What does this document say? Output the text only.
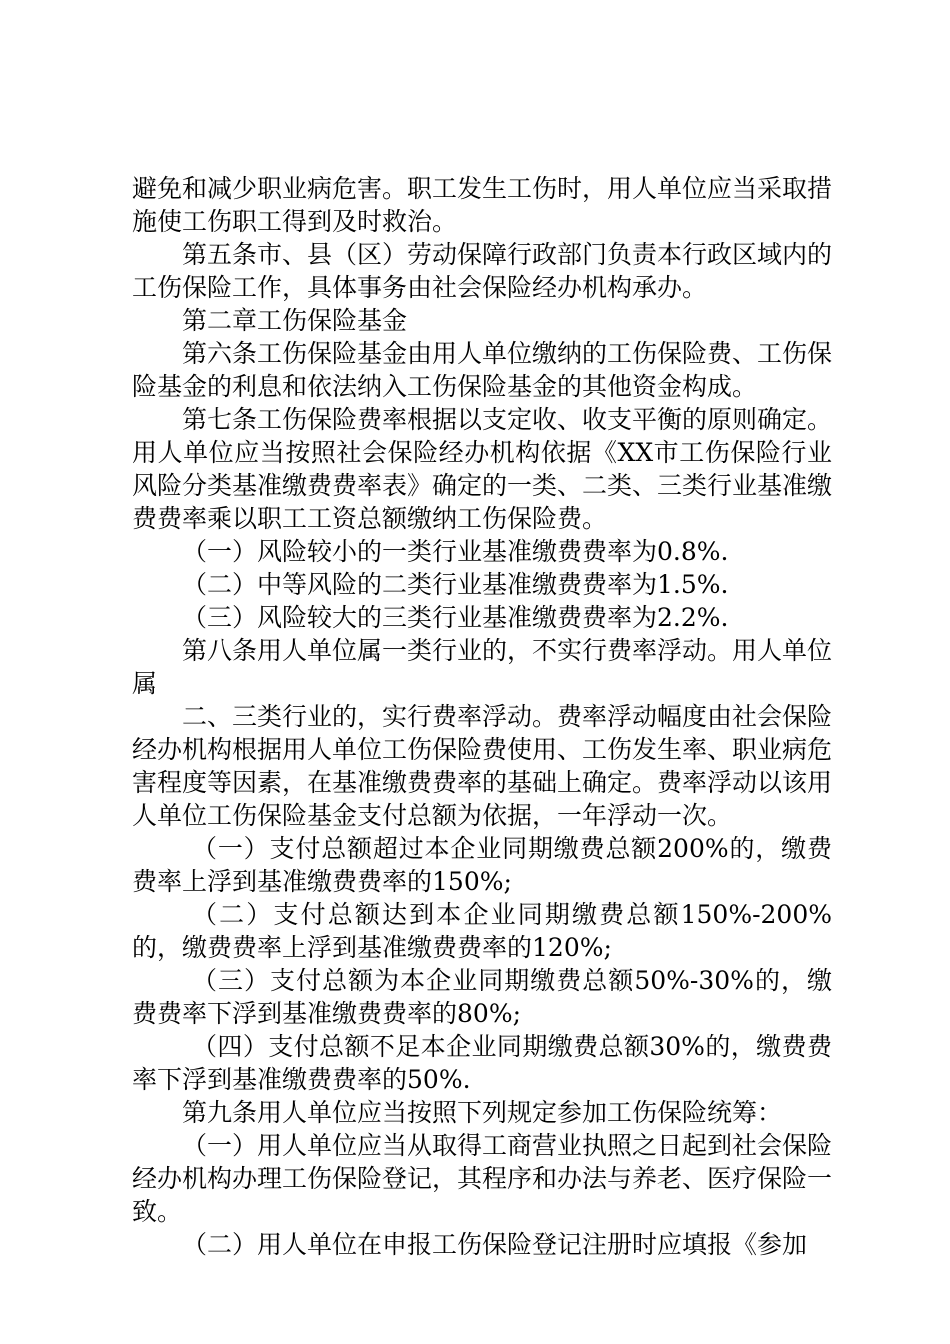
避免和减少职业病危害。职工发生工伤时，用人单位应当采取措施使工伤职工得到及时救治。

第五条市、县（区）劳动保障行政部门负责本行政区域内的工伤保险工作，具体事务由社会保险经办机构承办。

第二章工伤保险基金

第六条工伤保险基金由用人单位缴纳的工伤保险费、工伤保险基金的利息和依法纳入工伤保险基金的其他资金构成。

第七条工伤保险费率根据以支定收、收支平衡的原则确定。用人单位应当按照社会保险经办机构依据《XX市工伤保险行业风险分类基准缴费费率表》确定的一类、二类、三类行业基准缴费费率乘以职工工资总额缴纳工伤保险费。

（一）风险较小的一类行业基准缴费费率为0.8%.

（二）中等风险的二类行业基准缴费费率为1.5%.

（三）风险较大的三类行业基准缴费费率为2.2%.

第八条用人单位属一类行业的，不实行费率浮动。用人单位属

二、三类行业的，实行费率浮动。费率浮动幅度由社会保险经办机构根据用人单位工伤保险费使用、工伤发生率、职业病危害程度等因素，在基准缴费费率的基础上确定。费率浮动以该用人单位工伤保险基金支付总额为依据，一年浮动一次。

（一）支付总额超过本企业同期缴费总额200%的，缴费费率上浮到基准缴费费率的150%;

（二）支付总额达到本企业同期缴费总额150%-200%的，缴费费率上浮到基准缴费费率的120%;

（三）支付总额为本企业同期缴费总额50%-30%的，缴费费率下浮到基准缴费费率的80%;

（四）支付总额不足本企业同期缴费总额30%的，缴费费率下浮到基准缴费费率的50%.

第九条用人单位应当按照下列规定参加工伤保险统筹：

（一）用人单位应当从取得工商营业执照之日起到社会保险经办机构办理工伤保险登记，其程序和办法与养老、医疗保险一致。

（二）用人单位在申报工伤保险登记注册时应填报《参加
